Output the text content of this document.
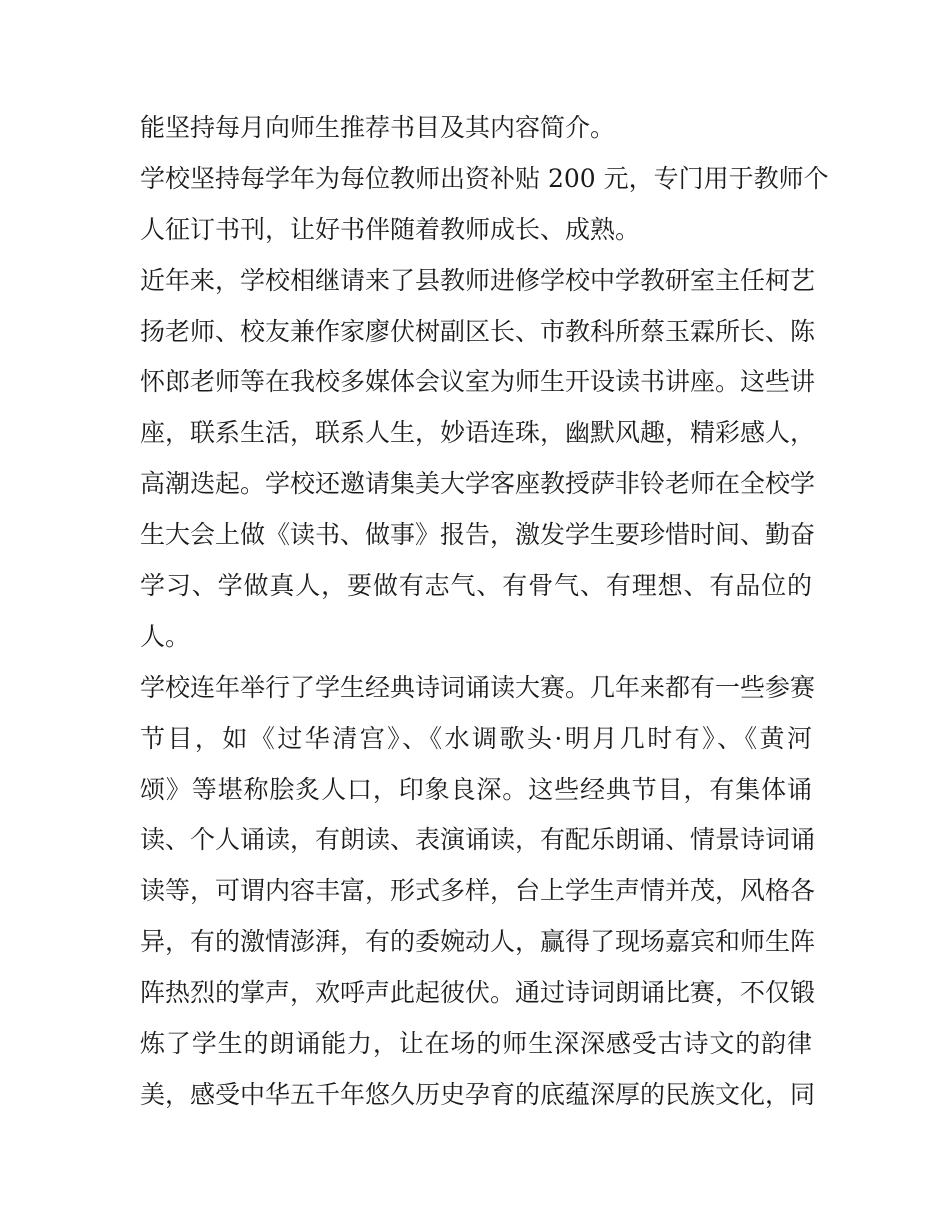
能坚持每月向师生推荐书目及其内容简介。
学校坚持每学年为每位教师出资补贴 200 元，专门用于教师个
人征订书刊，让好书伴随着教师成长、成熟。
近年来，学校相继请来了县教师进修学校中学教研室主任柯艺
扬老师、校友兼作家廖伏树副区长、市教科所蔡玉霖所长、陈
怀郎老师等在我校多媒体会议室为师生开设读书讲座。这些讲
座，联系生活，联系人生，妙语连珠，幽默风趣，精彩感人，
高潮迭起。学校还邀请集美大学客座教授萨非铃老师在全校学
生大会上做《读书、做事》报告，激发学生要珍惜时间、勤奋
学习、学做真人，要做有志气、有骨气、有理想、有品位的
人。
学校连年举行了学生经典诗词诵读大赛。几年来都有一些参赛
节目，如《过华清宫》、《水调歌头·明月几时有》、《黄河
颂》等堪称脍炙人口，印象良深。这些经典节目，有集体诵
读、个人诵读，有朗读、表演诵读，有配乐朗诵、情景诗词诵
读等，可谓内容丰富，形式多样，台上学生声情并茂，风格各
异，有的激情澎湃，有的委婉动人，赢得了现场嘉宾和师生阵
阵热烈的掌声，欢呼声此起彼伏。通过诗词朗诵比赛，不仅锻
炼了学生的朗诵能力，让在场的师生深深感受古诗文的韵律
美，感受中华五千年悠久历史孕育的底蕴深厚的民族文化，同
